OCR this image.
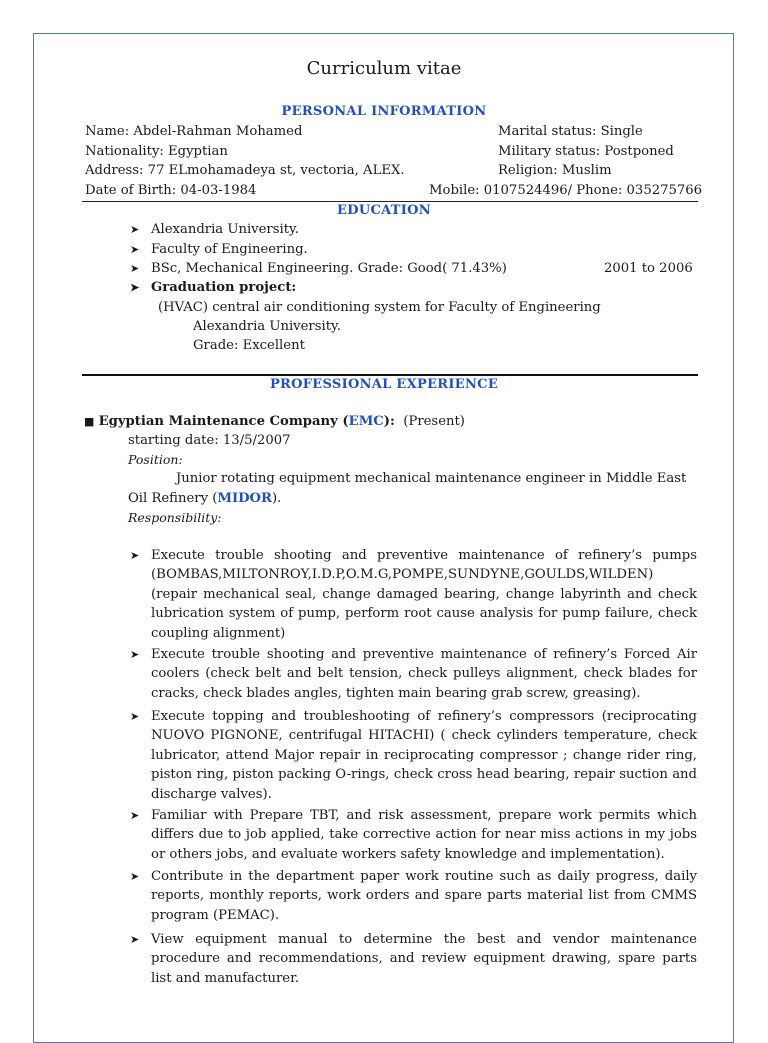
Curriculum vitae
PERSONAL INFORMATION
Name: Abdel-Rahman Mohamed
Nationality: Egyptian
Address: 77 ELmohamadeya st, vectoria, ALEX.
Date of Birth: 04-03-1984
Marital status: Single
Military status: Postponed
Religion: Muslim
Mobile: 0107524496/ Phone: 035275766
EDUCATION
➤ Alexandria University.
➤ Faculty of Engineering.
➤ BSc, Mechanical Engineering. Grade: Good( 71.43%)	2001 to 2006
➤ Graduation project:
(HVAC) central air conditioning system for Faculty of Engineering
Alexandria University.
Grade: Excellent
PROFESSIONAL EXPERIENCE
■ Egyptian Maintenance Company (EMC): (Present)
starting date: 13/5/2007
Position:
Junior rotating equipment mechanical maintenance engineer in Middle East
Oil Refinery (MIDOR).
Responsibility:
➤ Execute trouble shooting and preventive maintenance of refinery’s pumps (BOMBAS,MILTONROY,I.D.P,O.M.G,POMPE,SUNDYNE,GOULDS,WILDEN) (repair mechanical seal, change damaged bearing, change labyrinth and check lubrication system of pump, perform root cause analysis for pump failure, check coupling alignment)
➤ Execute trouble shooting and preventive maintenance of refinery’s Forced Air coolers (check belt and belt tension, check pulleys alignment, check blades for cracks, check blades angles, tighten main bearing grab screw, greasing).
➤ Execute topping and troubleshooting of refinery’s compressors (reciprocating NUOVO PIGNONE, centrifugal HITACHI) ( check cylinders temperature, check lubricator, attend Major repair in reciprocating compressor ; change rider ring, piston ring, piston packing O-rings, check cross head bearing, repair suction and discharge valves).
➤ Familiar with Prepare TBT, and risk assessment, prepare work permits which differs due to job applied, take corrective action for near miss actions in my jobs or others jobs, and evaluate workers safety knowledge and implementation).
➤ Contribute in the department paper work routine such as daily progress, daily reports, monthly reports, work orders and spare parts material list from CMMS program (PEMAC).
➤ View equipment manual to determine the best and vendor maintenance procedure and recommendations, and review equipment drawing, spare parts list and manufacturer.
